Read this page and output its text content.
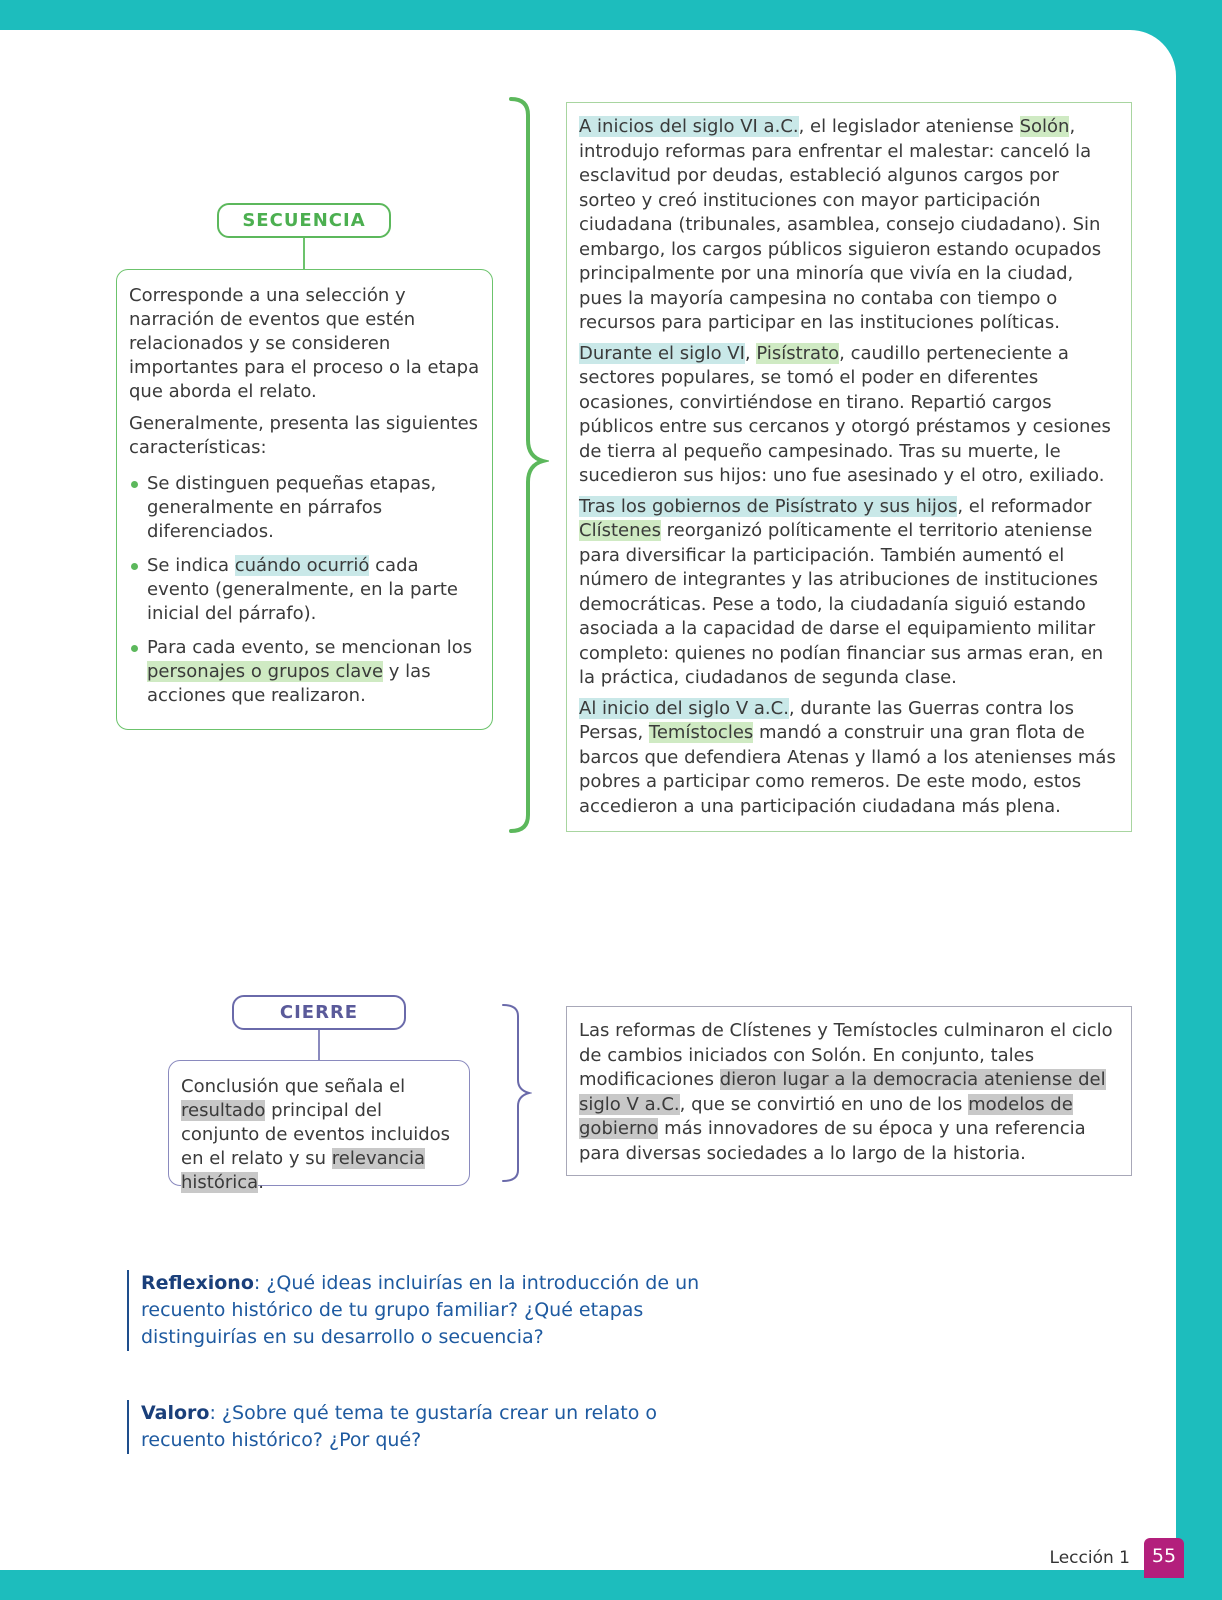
SECUENCIA

Corresponde a una selección y narración de eventos que estén relacionados y se consideren importantes para el proceso o la etapa que aborda el relato.

Generalmente, presenta las siguientes características:

Se distinguen pequeñas etapas, generalmente en párrafos diferenciados.
Se indica cuándo ocurrió cada evento (generalmente, en la parte inicial del párrafo).
Para cada evento, se mencionan los personajes o grupos clave y las acciones que realizaron.

A inicios del siglo VI a.C., el legislador ateniense Solón, introdujo reformas para enfrentar el malestar: canceló la esclavitud por deudas, estableció algunos cargos por sorteo y creó instituciones con mayor participación ciudadana (tribunales, asamblea, consejo ciudadano). Sin embargo, los cargos públicos siguieron estando ocupados principalmente por una minoría que vivía en la ciudad, pues la mayoría campesina no contaba con tiempo o recursos para participar en las instituciones políticas.

Durante el siglo VI, Pisístrato, caudillo perteneciente a sectores populares, se tomó el poder en diferentes ocasiones, convirtiéndose en tirano. Repartió cargos públicos entre sus cercanos y otorgó préstamos y cesiones de tierra al pequeño campesinado. Tras su muerte, le sucedieron sus hijos: uno fue asesinado y el otro, exiliado.

Tras los gobiernos de Pisístrato y sus hijos, el reformador Clístenes reorganizó políticamente el territorio ateniense para diversificar la participación. También aumentó el número de integrantes y las atribuciones de instituciones democráticas. Pese a todo, la ciudadanía siguió estando asociada a la capacidad de darse el equipamiento militar completo: quienes no podían financiar sus armas eran, en la práctica, ciudadanos de segunda clase.

Al inicio del siglo V a.C., durante las Guerras contra los Persas, Temístocles mandó a construir una gran flota de barcos que defendiera Atenas y llamó a los atenienses más pobres a participar como remeros. De este modo, estos accedieron a una participación ciudadana más plena.

CIERRE
Conclusión que señala el resultado principal del conjunto de eventos incluidos en el relato y su relevancia histórica.
Las reformas de Clístenes y Temístocles culminaron el ciclo de cambios iniciados con Solón. En conjunto, tales modificaciones dieron lugar a la democracia ateniense del siglo V a.C., que se convirtió en uno de los modelos de gobierno más innovadores de su época y una referencia para diversas sociedades a lo largo de la historia.
Reflexiono: ¿Qué ideas incluirías en la introducción de un recuento histórico de tu grupo familiar? ¿Qué etapas distinguirías en su desarrollo o secuencia?
Valoro: ¿Sobre qué tema te gustaría crear un relato o recuento histórico? ¿Por qué?
Lección 1	55
